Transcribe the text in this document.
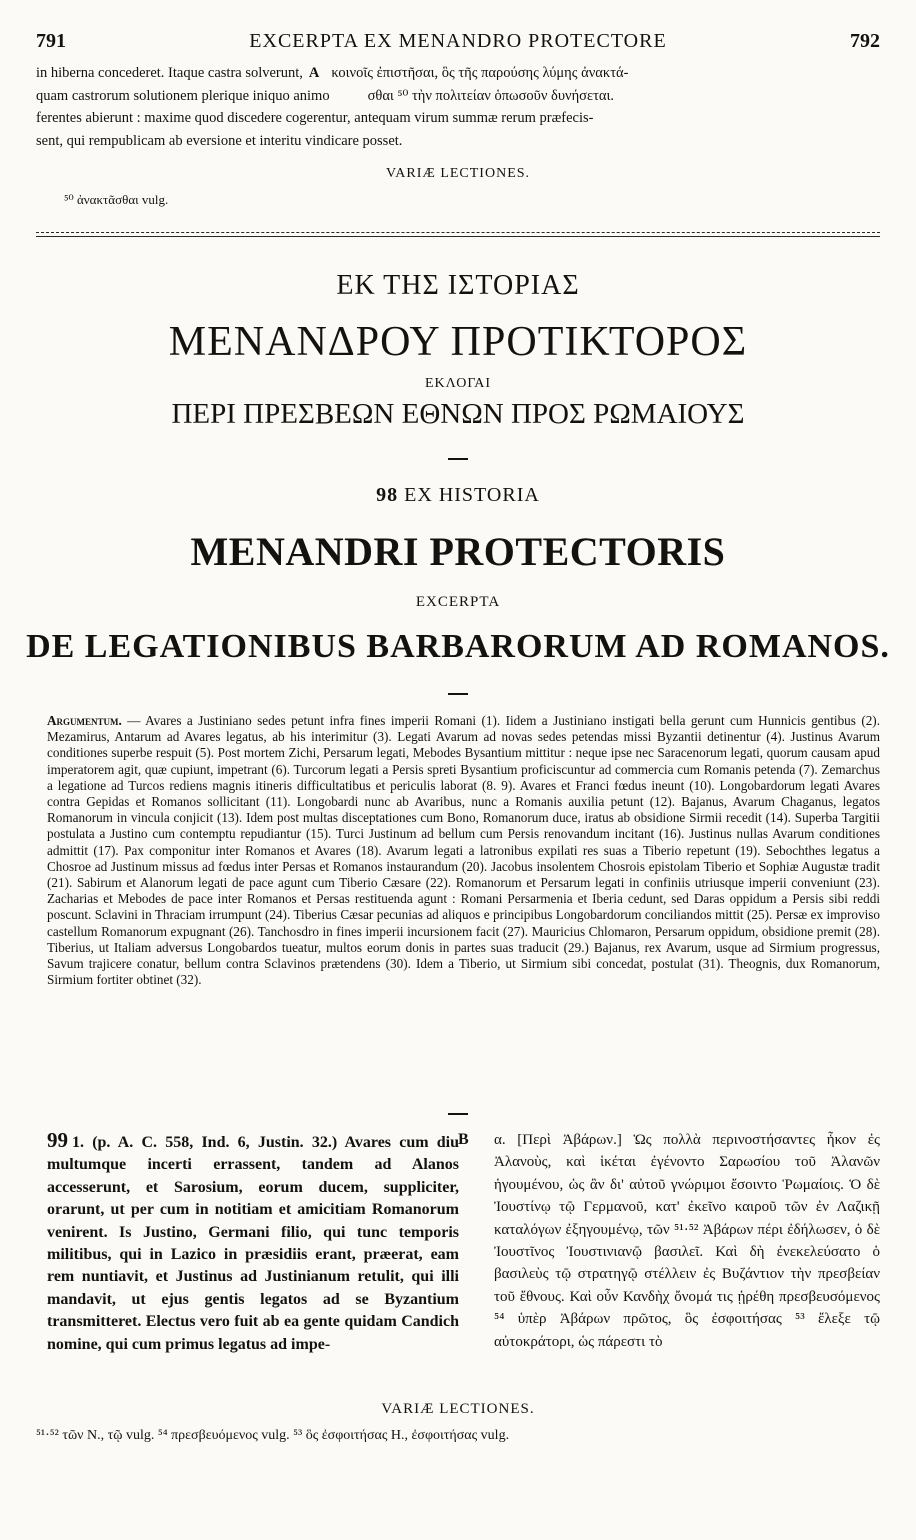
791	EXCERPTA EX MENANDRO PROTECTORE	792
in hiberna concederet. Itaque castra solverunt, A κοινοῖς ἐπιστῆσαι, ὃς τῆς παρούσης λύμης ἀνακτά-
quam castrorum solutionem plerique iniquo animo	σθαι ⁵⁰ τὴν πολιτείαν ὁπωσοῦν δυνήσεται.
ferentes abierunt : maxime quod discedere cogerentur, antequam virum summæ rerum præfecis-
sent, qui rempublicam ab eversione et interitu vindicare posset.
VARIÆ LECTIONES.
⁵⁰ ἀνακτᾶσθαι vulg.
ΕΚ ΤΗΣ ΙΣΤΟΡΙΑΣ
ΜΕΝΑΝΔΡΟΥ ΠΡΟΤΙΚΤΟΡΟΣ
ΕΚΛΟΓΑΙ
ΠΕΡΙ ΠΡΕΣΒΕΩΝ ΕΘΝΩΝ ΠΡΟΣ ΡΩΜΑΙΟΥΣ
98 EX HISTORIA
MENANDRI PROTECTORIS
EXCERPTA
DE LEGATIONIBUS BARBARORUM AD ROMANOS.
Argumentum. — Avares a Justiniano sedes petunt infra fines imperii Romani (1). Iidem a Justiniano instigati bella gerunt cum Hunnicis gentibus (2). Mezamirus, Antarum ad Avares legatus, ab his interimitur (3). Legati Avarum ad novas sedes petendas missi Byzantii detinentur (4). Justinus Avarum conditiones superbe respuit (5). Post mortem Zichi, Persarum legati, Mebodes Bysantium mittitur : neque ipse nec Saracenorum legati, quorum causam apud imperatorem agit, quæ cupiunt, impetrant (6). Turcorum legati a Persis spreti Bysantium proficiscuntur ad commercia cum Romanis petenda (7). Zemarchus a legatione ad Turcos rediens magnis itineris difficultatibus et periculis laborat (8. 9). Avares et Franci fœdus ineunt (10). Longobardorum legati Avares contra Gepidas et Romanos sollicitant (11). Longobardi nunc ab Avaribus, nunc a Romanis auxilia petunt (12). Bajanus, Avarum Chaganus, legatos Romanorum in vincula conjicit (13). Idem post multas disceptationes cum Bono, Romanorum duce, iratus ab obsidione Sirmii recedit (14). Superba Targitii postulata a Justino cum contemptu repudiantur (15). Turci Justinum ad bellum cum Persis renovandum incitant (16). Justinus nullas Avarum conditiones admittit (17). Pax componitur inter Romanos et Avares (18). Avarum legati a latronibus expilati res suas a Tiberio repetunt (19). Sebochthes legatus a Chosroe ad Justinum missus ad fœdus inter Persas et Romanos instaurandum (20). Jacobus insolentem Chosrois epistolam Tiberio et Sophiæ Augustæ tradit (21). Sabirum et Alanorum legati de pace agunt cum Tiberio Cæsare (22). Romanorum et Persarum legati in confiniis utriusque imperii conveniunt (23). Zacharias et Mebodes de pace inter Romanos et Persas restituenda agunt : Romani Persarmenia et Iberia cedunt, sed Daras oppidum a Persis sibi reddi poscunt. Sclavini in Thraciam irrumpunt (24). Tiberius Cæsar pecunias ad aliquos e principibus Longobardorum conciliandos mittit (25). Persæ ex improviso castellum Romanorum expugnant (26). Tanchosdro in fines imperii incursionem facit (27). Mauricius Chlomaron, Persarum oppidum, obsidione premit (28). Tiberius, ut Italiam adversus Longobardos tueatur, multos eorum donis in partes suas traducit (29.) Bajanus, rex Avarum, usque ad Sirmium progressus, Savum trajicere conatur, bellum contra Sclavinos prætendens (30). Idem a Tiberio, ut Sirmium sibi concedat, postulat (31). Theognis, dux Romanorum, Sirmium fortiter obtinet (32).
99 1. (p. A. C. 558, Ind. 6, Justin. 32.) Avares cum diu multumque incerti errassent, tandem ad Alanos accesserunt, et Sarosium, eorum ducem, suppliciter, orarunt, ut per cum in notitiam et amicitiam Romanorum venirent. Is Justino, Germani filio, qui tunc temporis militibus, qui in Lazico in præsidiis erant, præerat, eam rem nuntiavit, et Justinus ad Justinianum retulit, qui illi mandavit, ut ejus gentis legatos ad se Byzantium transmitteret. Electus vero fuit ab ea gente quidam Candich nomine, qui cum primus legatus ad impe-
B α. [Περὶ Ἀβάρων.] Ὡς πολλὰ περινοστήσαντες ἧκον ἐς Ἀλανοὺς, καὶ ἱκέται ἐγένοντο Σαρωσίου τοῦ Ἀλανῶν ἡγουμένου, ὡς ἂν δι' αὐτοῦ γνώριμοι ἔσοιντο Ῥωμαίοις. Ὁ δὲ Ἰουστίνῳ τῷ Γερμανοῦ, κατ' ἐκεῖνο καιροῦ τῶν ἐν Λαζικῇ καταλόγων ἐξηγουμένῳ, τῶν ⁵¹·⁵² Ἀβάρων πέρι ἐδήλωσεν, ὁ δὲ Ἰουστῖνος Ἰουστινιανῷ βασιλεῖ. Καὶ δὴ ἐνεκελεύσατο ὁ βασιλεὺς τῷ στρατηγῷ στέλλειν ἐς Βυζάντιον τὴν πρεσβείαν τοῦ ἔθνους. Καὶ οὖν Κανδὴχ ὄνομά τις ᾑρέθη πρεσβευσόμενος ⁵⁴ ὑπὲρ Ἀβάρων πρῶτος, ὃς ἐσφοιτήσας ⁵³ ἔλεξε τῷ αὐτοκράτορι, ὡς πάρεστι τὸ
VARIÆ LECTIONES.
⁵¹·⁵² τῶν N., τῷ vulg. ⁵⁴ πρεσβευόμενος vulg. ⁵³ ὃς ἐσφοιτήσας H., ἐσφοιτήσας vulg.
